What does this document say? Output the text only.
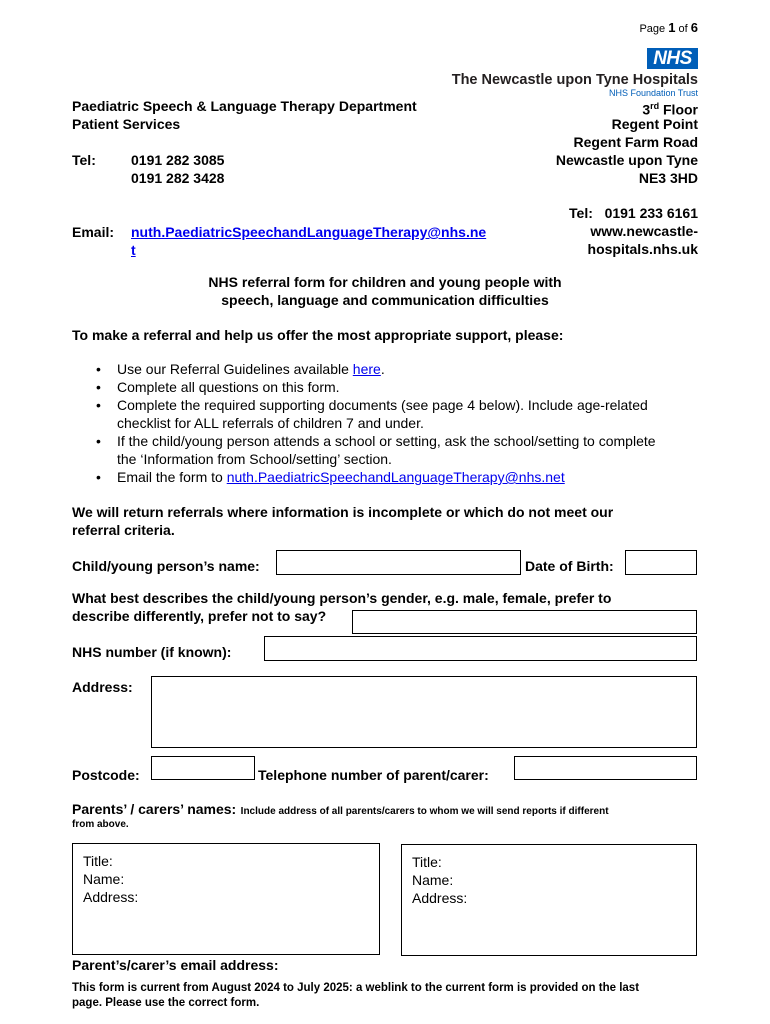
Page 1 of 6
NHS
The Newcastle upon Tyne Hospitals
NHS Foundation Trust
Paediatric Speech & Language Therapy Department
Patient Services
Tel:	0191 282 3085
0191 282 3428
Email: nuth.PaediatricSpeechandLanguageTherapy@nhs.ne
t
3rd Floor
Regent Point
Regent Farm Road
Newcastle upon Tyne
NE3 3HD
Tel:   0191 233 6161
www.newcastle-
hospitals.nhs.uk
NHS referral form for children and young people with
speech, language and communication difficulties
To make a referral and help us offer the most appropriate support, please:
• Use our Referral Guidelines available here.
• Complete all questions on this form.
• Complete the required supporting documents (see page 4 below). Include age-related
checklist for ALL referrals of children 7 and under.
• If the child/young person attends a school or setting, ask the school/setting to complete
the ‘Information from School/setting’ section.
• Email the form to nuth.PaediatricSpeechandLanguageTherapy@nhs.net
We will return referrals where information is incomplete or which do not meet our
referral criteria.
Child/young person’s name:	Date of Birth:
What best describes the child/young person’s gender, e.g. male, female, prefer to
describe differently, prefer not to say?
NHS number (if known):
Address:
Postcode:	Telephone number of parent/carer:
Parents’ / carers’ names: Include address of all parents/carers to whom we will send reports if different
from above.
Title:
Name:
Address:
Title:
Name:
Address:
Parent’s/carer’s email address:
This form is current from August 2024 to July 2025: a weblink to the current form is provided on the last
page. Please use the correct form.
